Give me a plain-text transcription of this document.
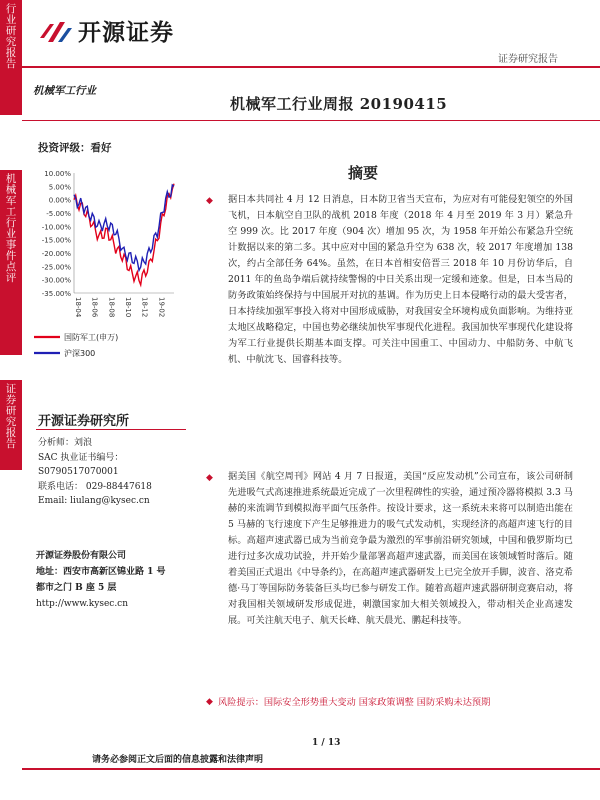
行业研究报告
机械军工行业事件点评
证券研究报告
开源证券
证券研究报告
机械军工行业
机械军工行业周报 20190415
投资评级：看好
10.00%
5.00%
0.00%
-5.00%
-10.00%
-15.00%
-20.00%
-25.00%
-30.00%
-35.00%
18-04 18-06 18-08 18-10 18-12 19-02
国防军工(申万)
沪深300
开源证券研究所
分析师：刘浪
SAC 执业证书编号：
S0790517070001
联系电话： 029-88447618
Email: liulang@kysec.cn
开源证券股份有限公司
地址：西安市高新区锦业路 1 号
都市之门 B 座 5 层
http://www.kysec.cn
摘要
◆ 据日本共同社 4 月 12 日消息，日本防卫省当天宣布，为应对有可能侵犯领空的外国飞机，日本航空自卫队的战机 2018 年度（2018 年 4 月至 2019 年 3 月）紧急升空 999 次。比 2017 年度（904 次）增加 95 次，为 1958 年开始公布紧急升空统计数据以来的第二多。其中应对中国的紧急升空为 638 次，较 2017 年度增加 138 次，约占全部任务 64%。虽然，在日本首相安倍晋三 2018 年 10 月份访华后，自 2011 年的鱼岛争端后就持续警惕的中日关系出现一定缓和迹象。但是，日本当局的防务政策始终保持与中国展开对抗的基调。作为历史上日本侵略行动的最大受害者，日本持续加强军事投入将对中国形成威胁，对我国安全环境构成负面影响。为维持亚太地区战略稳定，中国也势必继续加快军事现代化进程。我国加快军事现代化建设将为军工行业提供长期基本面支撑。可关注中国重工、中国动力、中船防务、中航飞机、中航沈飞、国睿科技等。
◆ 据美国《航空周刊》网站 4 月 7 日报道，美国“反应发动机”公司宣布，该公司研制先进吸气式高速推进系统最近完成了一次里程碑性的实验，通过预冷器将模拟 3.3 马赫的来流调节到模拟海平面气压条件。按设计要求，这一系统未来将可以制造出能在 5 马赫的飞行速度下产生足够推进力的吸气式发动机，实现经济的高超声速飞行的目标。高超声速武器已成为当前竞争最为激烈的军事前沿研究领域，中国和俄罗斯均已进行过多次成功试验，并开始少量部署高超声速武器，而美国在该领域暂时落后。随着美国正式退出《中导条约》，在高超声速武器研发上已完全放开手脚，波音、洛克希德·马丁等国际防务装备巨头均已参与研发工作。随着高超声速武器研制竞赛启动，将对我国相关领域研发形成促进，刺激国家加大相关领域投入，带动相关企业高速发展。可关注航天电子、航天长峰、航天晨光、鹏起科技等。
◆ 风险提示：国际安全形势重大变动 国家政策调整 国防采购未达预期
1 / 13
请务必参阅正文后面的信息披露和法律声明
